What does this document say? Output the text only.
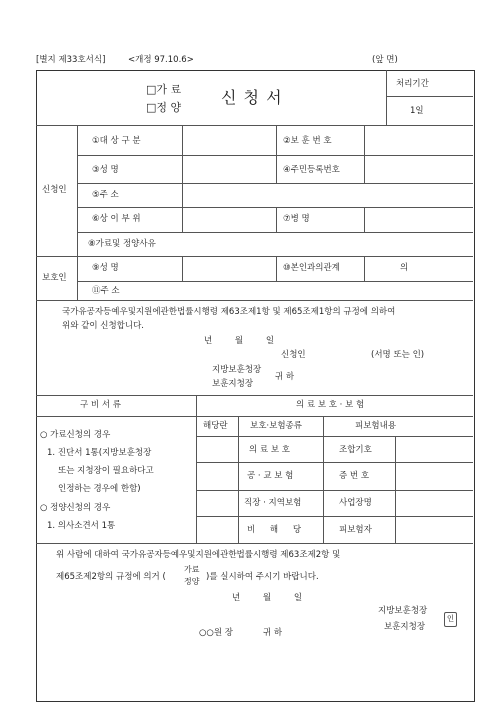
[별지 제33호서식]	<개정 97.10.6>	(앞 면)
□가 료
□정 양
신 청 서
처리기간
1일
신청인
①대 상 구 분	②보 훈 번 호
③성 명	④주민등록번호
⑤주 소
⑥상 이 부 위	⑦병 명
⑧가료및 정양사유
보호인
⑨성 명	⑩본인과의관계	의
⑪주 소
국가유공자등예우및지원에관한법률시행령 제63조제1항 및 제65조제1항의 규정에 의하여
위와 같이 신청합니다.
년 월 일
신청인	(서명 또는 인)
지방보훈청장
보훈지청장
귀 하
구 비 서 류
○ 가료신청의 경우
1. 진단서 1통(지방보훈청장
또는 지청장이 필요하다고
인정하는 경우에 한함)
○ 정양신청의 경우
1. 의사소견서 1통
의 료 보 호 · 보 험
해당란	보호·보험종류	피보험내용
의 료 보 호	조합기호
공 · 교 보 험	증 번 호
직장 · 지역보험	사업장명
비 해 당	피보험자
위 사람에 대하여 국가유공자등예우및지원에관한법률시행령 제63조제2항 및
제65조제2항의 규정에 의거 (
가료
정양 )를 실시하여 주시기 바랍니다.
년 월 일
지방보훈청장
보훈지청장
인
○○원 장	귀 하
